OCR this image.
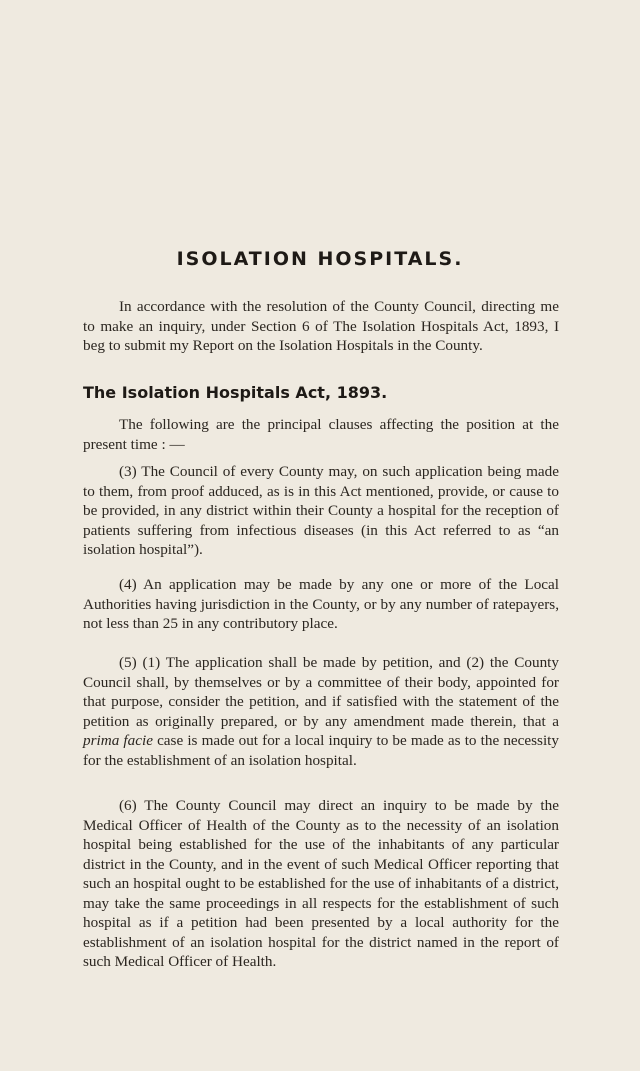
ISOLATION HOSPITALS.

In accordance with the resolution of the County Council, directing me to make an inquiry, under Section 6 of The Isolation Hospitals Act, 1893, I beg to submit my Report on the Isolation Hospitals in the County.

The Isolation Hospitals Act, 1893.

The following are the principal clauses affecting the position at the present time : —

(3) The Council of every County may, on such application being made to them, from proof adduced, as is in this Act mentioned, provide, or cause to be provided, in any district within their County a hospital for the reception of patients suffering from infectious diseases (in this Act referred to as “an isolation hospital”).

(4) An application may be made by any one or more of the Local Authorities having jurisdiction in the County, or by any number of ratepayers, not less than 25 in any contributory place.

(5) (1) The application shall be made by petition, and (2) the County Council shall, by themselves or by a committee of their body, appointed for that purpose, consider the petition, and if satisfied with the statement of the petition as originally prepared, or by any amendment made therein, that a prima facie case is made out for a local inquiry to be made as to the necessity for the establishment of an isolation hospital.

(6) The County Council may direct an inquiry to be made by the Medical Officer of Health of the County as to the necessity of an isolation hospital being established for the use of the inhabitants of any particular district in the County, and in the event of such Medical Officer reporting that such an hospital ought to be established for the use of inhabitants of a district, may take the same proceedings in all respects for the establishment of such hospital as if a petition had been presented by a local authority for the establishment of an isolation hospital for the district named in the report of such Medical Officer of Health.
